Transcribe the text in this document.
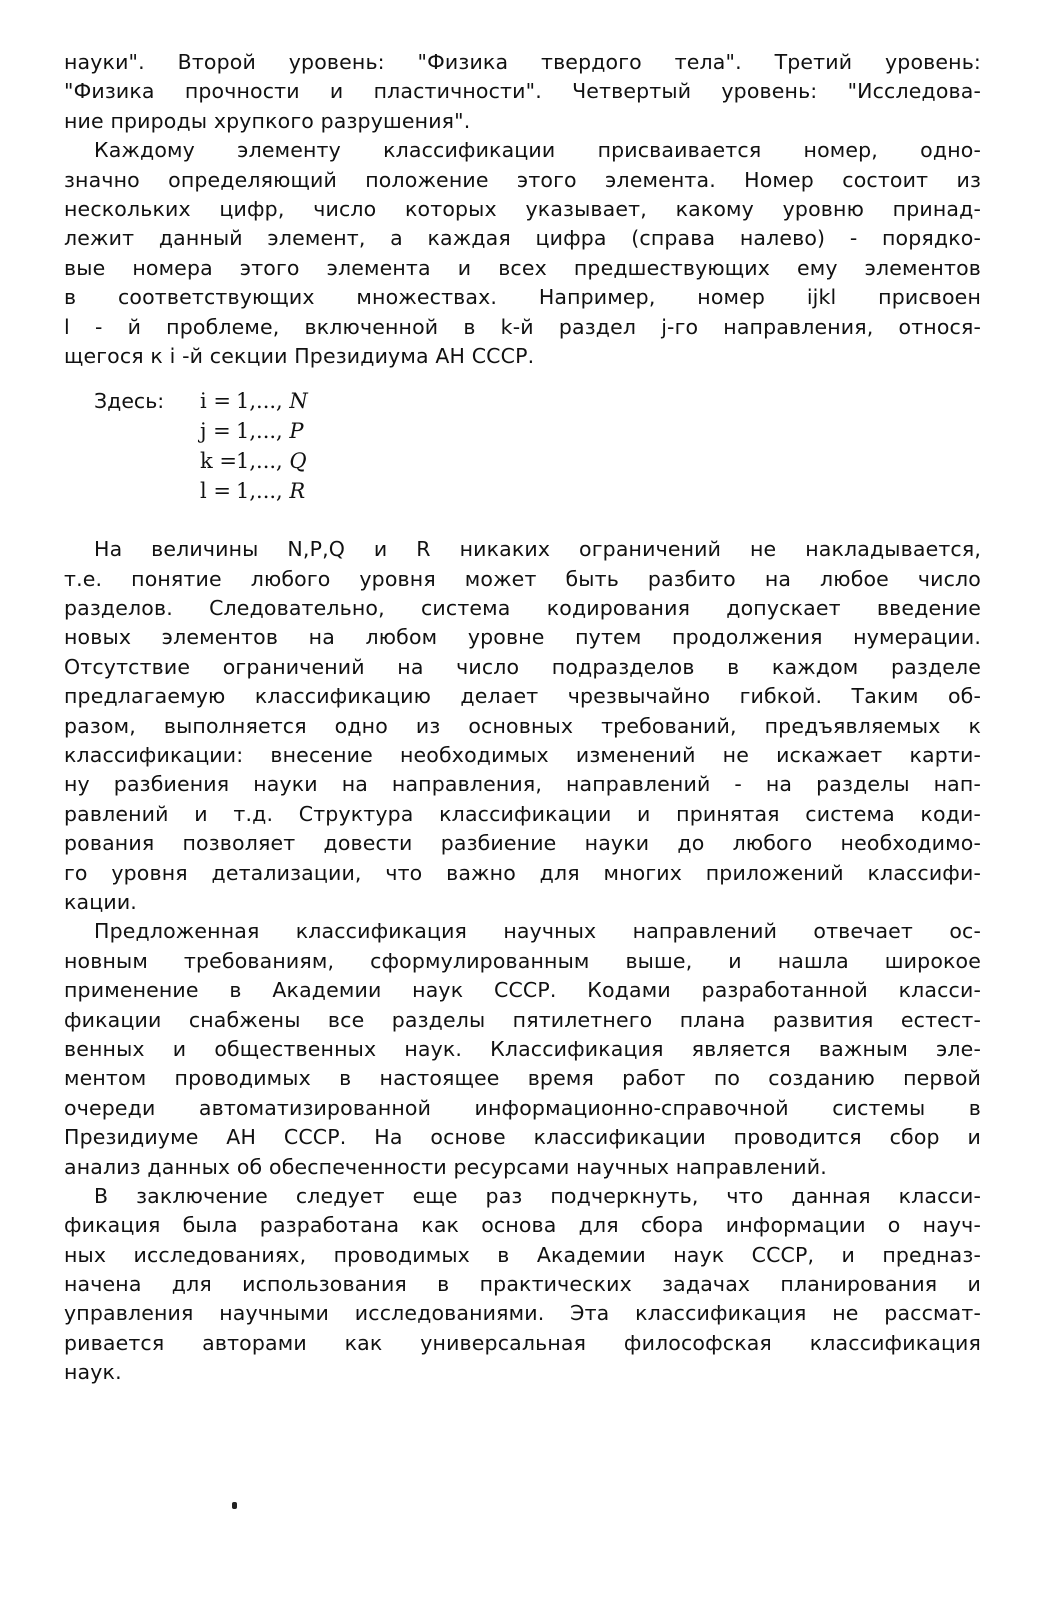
науки". Второй уровень: "Физика твердого тела". Третий уровень:
"Физика прочности и пластичности". Четвертый уровень: "Исследова-
ние природы хрупкого разрушения".
Каждому элементу классификации присваивается номер, одно-
значно определяющий положение этого элемента. Номер состоит из
нескольких цифр, число которых указывает, какому уровню принад-
лежит данный элемент, а каждая цифра (справа налево) - порядко-
вые номера этого элемента и всех предшествующих ему элементов
в соответствующих множествах. Например, номер ijkl присвоен
l - й проблеме, включенной в k-й раздел j-го направления, относя-
щегося к i -й секции Президиума АН СССР.
Здесь: i = 1,..., N
j = 1,..., P
k =1,..., Q
l = 1,..., R
На величины N,P,Q и R никаких ограничений не накладывается,
т.е. понятие любого уровня может быть разбито на любое число
разделов. Следовательно, система кодирования допускает введение
новых элементов на любом уровне путем продолжения нумерации.
Отсутствие ограничений на число подразделов в каждом разделе
предлагаемую классификацию делает чрезвычайно гибкой. Таким об-
разом, выполняется одно из основных требований, предъявляемых к
классификации: внесение необходимых изменений не искажает карти-
ну разбиения науки на направления, направлений - на разделы нап-
равлений и т.д. Структура классификации и принятая система коди-
рования позволяет довести разбиение науки до любого необходимо-
го уровня детализации, что важно для многих приложений классифи-
кации.
Предложенная классификация научных направлений отвечает ос-
новным требованиям, сформулированным выше, и нашла широкое
применение в Академии наук СССР. Кодами разработанной класси-
фикации снабжены все разделы пятилетнего плана развития естест-
венных и общественных наук. Классификация является важным эле-
ментом проводимых в настоящее время работ по созданию первой
очереди автоматизированной информационно-справочной системы в
Президиуме АН СССР. На основе классификации проводится сбор и
анализ данных об обеспеченности ресурсами научных направлений.
В заключение следует еще раз подчеркнуть, что данная класси-
фикация была разработана как основа для сбора информации о науч-
ных исследованиях, проводимых в Академии наук СССР, и предназ-
начена для использования в практических задачах планирования и
управления научными исследованиями. Эта классификация не рассмат-
ривается авторами как универсальная философская классификация
наук.
